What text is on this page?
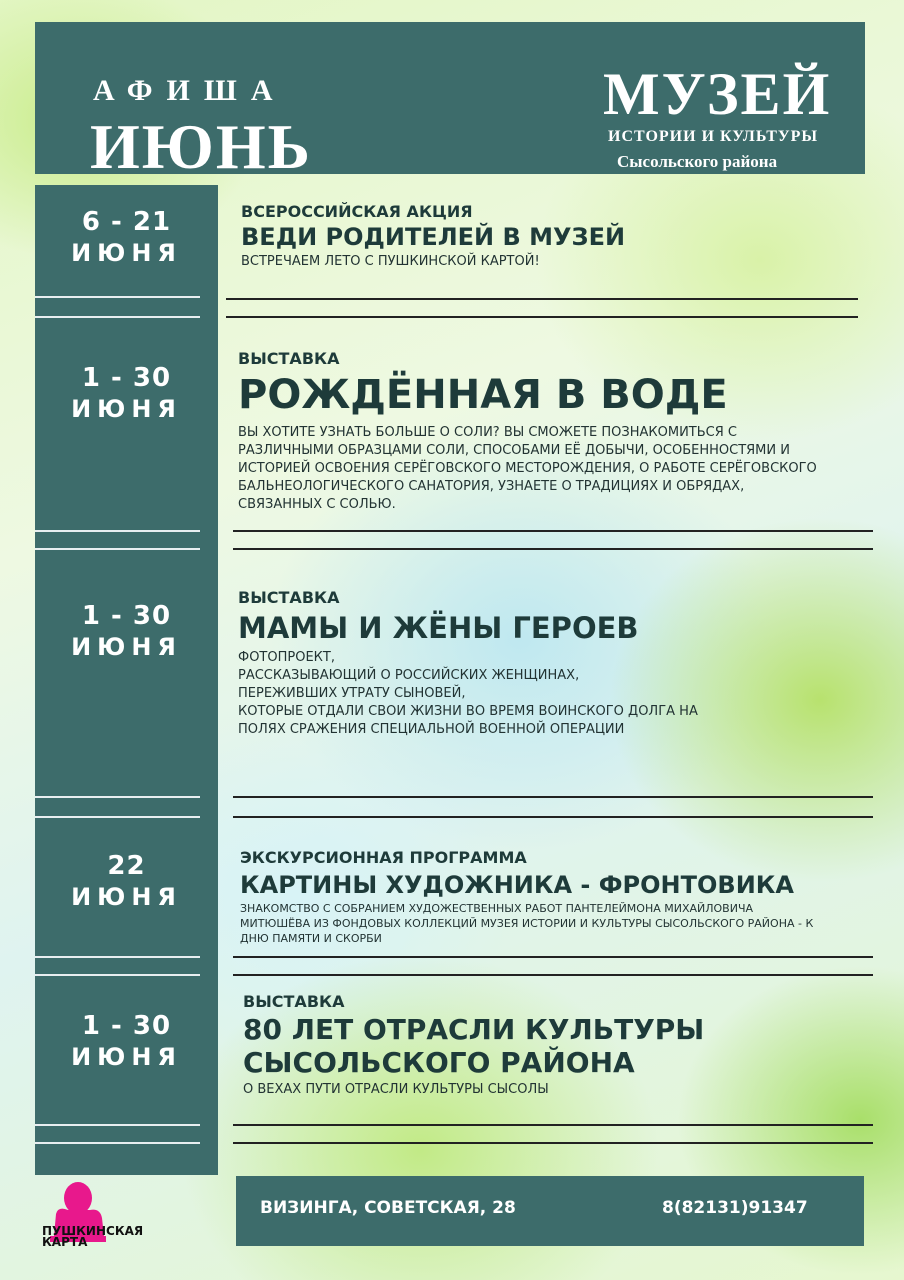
АФИША
ИЮНЬ
МУЗЕЙ
ИСТОРИИ И КУЛЬТУРЫ
Сысольского района
6 - 21
ИЮНЯ
1 - 30
ИЮНЯ
1 - 30
ИЮНЯ
22
ИЮНЯ
1 - 30
ИЮНЯ
ВСЕРОССИЙСКАЯ АКЦИЯ
ВЕДИ РОДИТЕЛЕЙ В МУЗЕЙ
ВСТРЕЧАЕМ ЛЕТО С ПУШКИНСКОЙ КАРТОЙ!
ВЫСТАВКА
РОЖДЁННАЯ В ВОДЕ
ВЫ ХОТИТЕ УЗНАТЬ БОЛЬШЕ О СОЛИ? ВЫ СМОЖЕТЕ ПОЗНАКОМИТЬСЯ С РАЗЛИЧНЫМИ ОБРАЗЦАМИ СОЛИ, СПОСОБАМИ ЕЁ ДОБЫЧИ, ОСОБЕННОСТЯМИ И ИСТОРИЕЙ ОСВОЕНИЯ СЕРЁГОВСКОГО МЕСТОРОЖДЕНИЯ, О РАБОТЕ СЕРЁГОВСКОГО БАЛЬНЕОЛОГИЧЕСКОГО САНАТОРИЯ, УЗНАЕТЕ О ТРАДИЦИЯХ И ОБРЯДАХ, СВЯЗАННЫХ С СОЛЬЮ.
ВЫСТАВКА
МАМЫ И ЖЁНЫ ГЕРОЕВ
ФОТОПРОЕКТ,
РАССКАЗЫВАЮЩИЙ О РОССИЙСКИХ ЖЕНЩИНАХ,
ПЕРЕЖИВШИХ УТРАТУ СЫНОВЕЙ,
КОТОРЫЕ ОТДАЛИ СВОИ ЖИЗНИ ВО ВРЕМЯ ВОИНСКОГО ДОЛГА НА
ПОЛЯХ СРАЖЕНИЯ СПЕЦИАЛЬНОЙ ВОЕННОЙ ОПЕРАЦИИ
ЭКСКУРСИОННАЯ ПРОГРАММА
КАРТИНЫ ХУДОЖНИКА - ФРОНТОВИКА
ЗНАКОМСТВО С СОБРАНИЕМ ХУДОЖЕСТВЕННЫХ РАБОТ ПАНТЕЛЕЙМОНА МИХАЙЛОВИЧА МИТЮШЁВА ИЗ ФОНДОВЫХ КОЛЛЕКЦИЙ МУЗЕЯ ИСТОРИИ И КУЛЬТУРЫ СЫСОЛЬСКОГО РАЙОНА - К ДНЮ ПАМЯТИ И СКОРБИ
ВЫСТАВКА
80 ЛЕТ ОТРАСЛИ КУЛЬТУРЫ
СЫСОЛЬСКОГО РАЙОНА
О ВЕХАХ ПУТИ ОТРАСЛИ КУЛЬТУРЫ СЫСОЛЫ
ВИЗИНГА, СОВЕТСКАЯ, 28	8(82131)91347
ПУШКИНСКАЯ КАРТА
